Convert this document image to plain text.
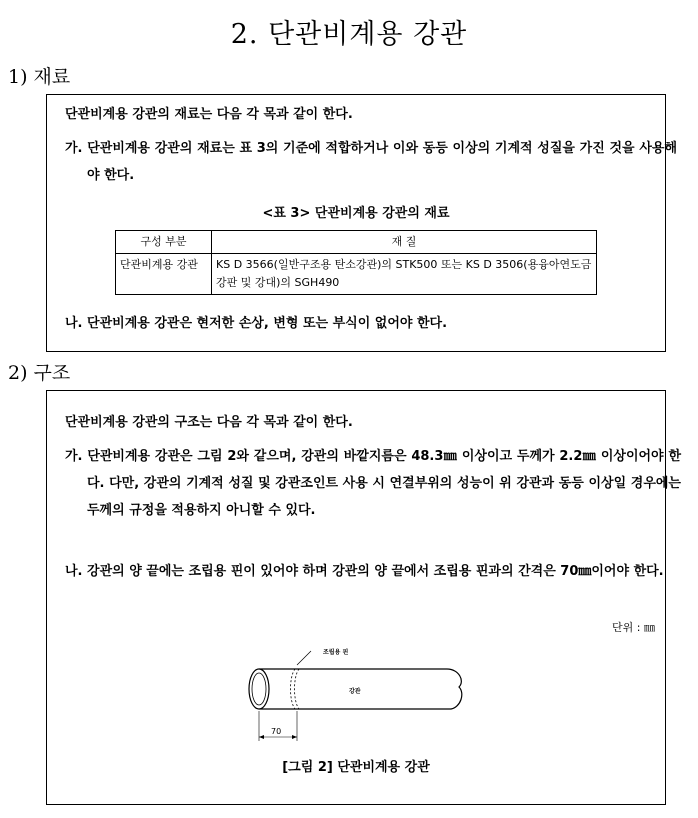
2. 단관비계용 강관
1) 재료
단관비계용 강관의 재료는 다음 각 목과 같이 한다.
가. 단관비계용 강관의 재료는 표 3의 기준에 적합하거나 이와 동등 이상의 기계적 성질을 가진 것을 사용해야 한다.
<표 3> 단관비계용 강관의 재료
구성 부분	재 질
단관비계용 강관	KS D 3566(일반구조용 탄소강관)의 STK500 또는 KS D 3506(용융아연도금 강판 및 강대)의 SGH490
나. 단관비계용 강관은 현저한 손상, 변형 또는 부식이 없어야 한다.
2) 구조
단관비계용 강관의 구조는 다음 각 목과 같이 한다.
가. 단관비계용 강관은 그림 2와 같으며, 강관의 바깥지름은 48.3㎜ 이상이고 두께가 2.2㎜ 이상이어야 한다. 다만, 강관의 기계적 성질 및 강관조인트 사용 시 연결부위의 성능이 위 강관과 동등 이상일 경우에는 두께의 규정을 적용하지 아니할 수 있다.
나. 강관의 양 끝에는 조립용 핀이 있어야 하며 강관의 양 끝에서 조립용 핀과의 간격은 70㎜이어야 한다.
단위 : ㎜
조립용 핀
강관
70
[그림 2] 단관비계용 강관
